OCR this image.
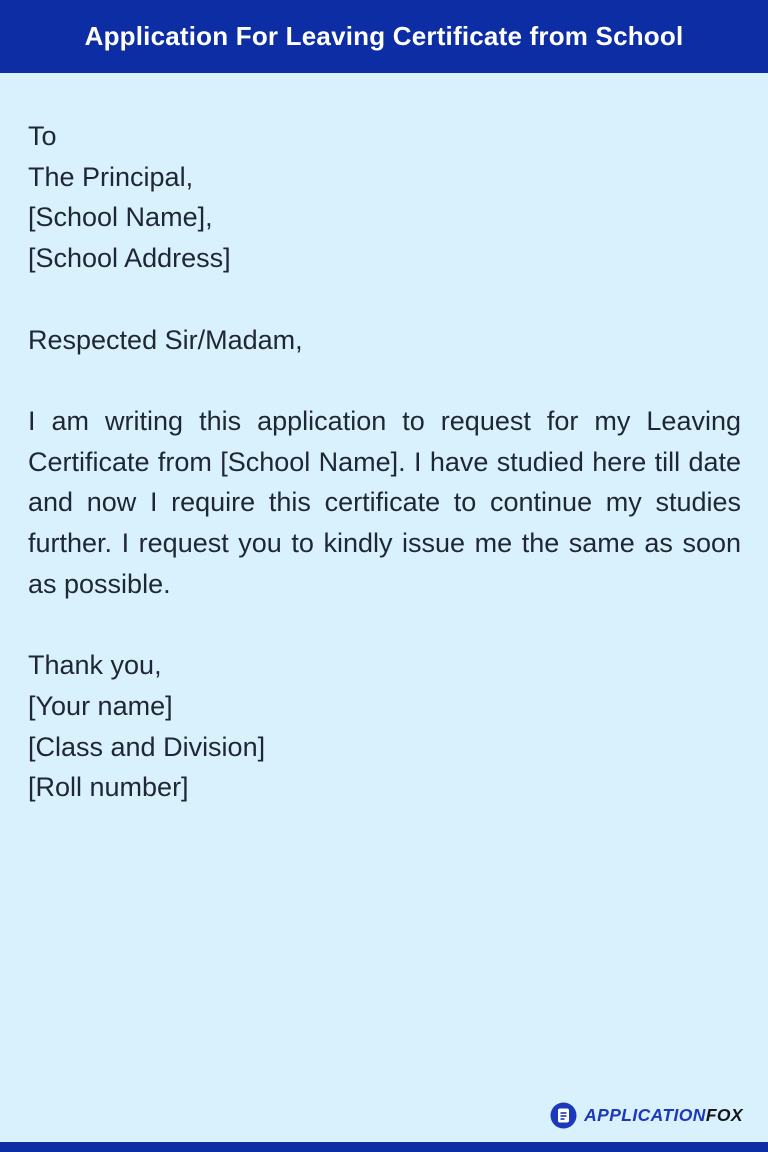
Application For Leaving Certificate from School
To
The Principal,
[School Name],
[School Address]

Respected Sir/Madam,

I am writing this application to request for my Leaving Certificate from [School Name]. I have studied here till date and now I require this certificate to continue my studies further. I request you to kindly issue me the same as soon as possible.

Thank you,
[Your name]
[Class and Division]
[Roll number]
APPLICATIONFOX
